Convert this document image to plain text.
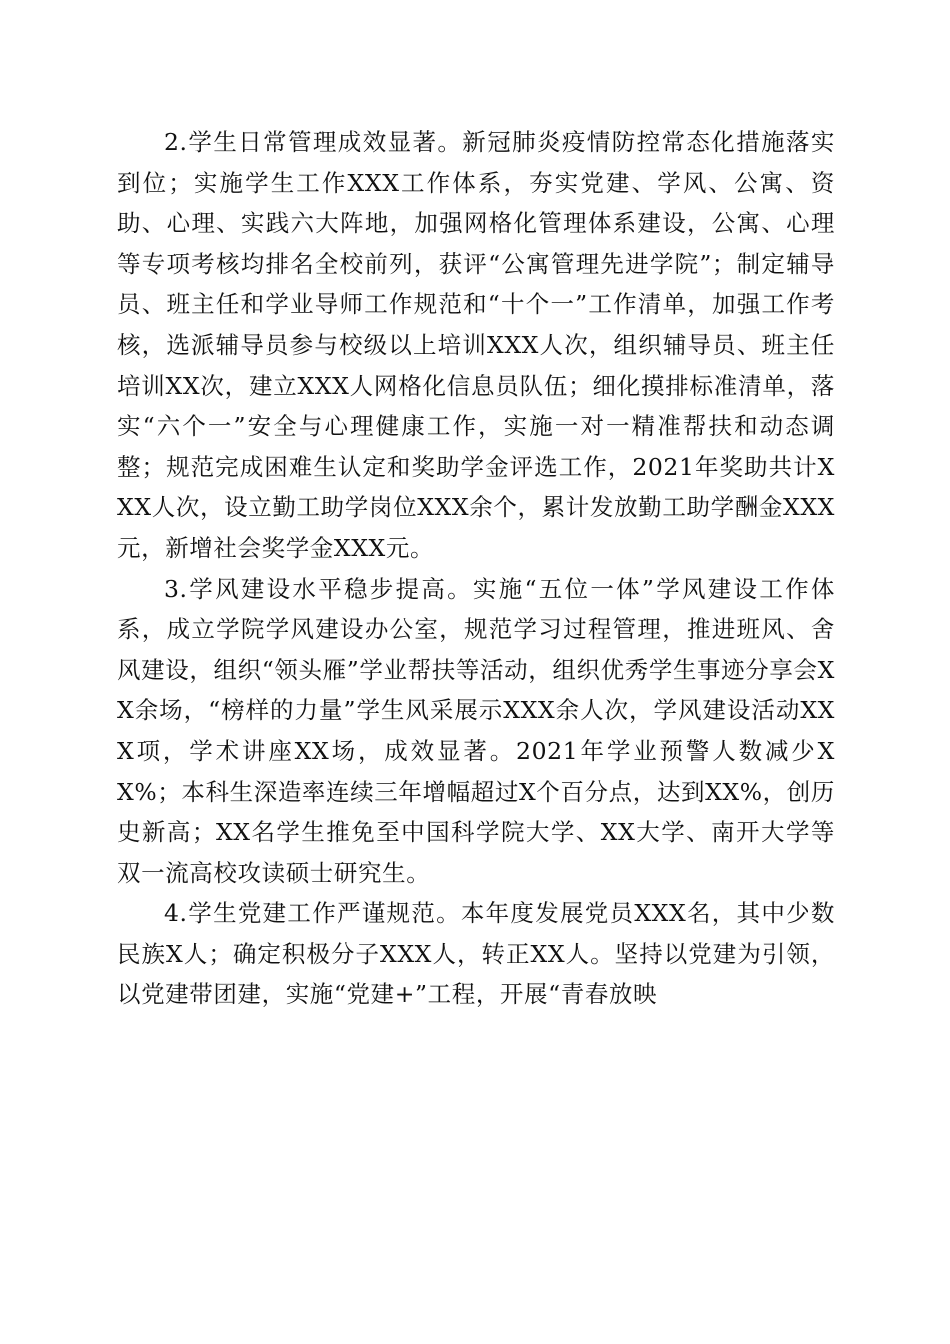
2.学生日常管理成效显著。新冠肺炎疫情防控常态化措施落实到位；实施学生工作XXX工作体系，夯实党建、学风、公寓、资助、心理、实践六大阵地，加强网格化管理体系建设，公寓、心理等专项考核均排名全校前列，获评“公寓管理先进学院”；制定辅导员、班主任和学业导师工作规范和“十个一”工作清单，加强工作考核，选派辅导员参与校级以上培训XXX人次，组织辅导员、班主任培训XX次，建立XXX人网格化信息员队伍；细化摸排标准清单，落实“六个一”安全与心理健康工作，实施一对一精准帮扶和动态调整；规范完成困难生认定和奖助学金评选工作，2021年奖助共计XXX人次，设立勤工助学岗位XXX余个，累计发放勤工助学酬金XXX元，新增社会奖学金XXX元。

3.学风建设水平稳步提高。实施“五位一体”学风建设工作体系，成立学院学风建设办公室，规范学习过程管理，推进班风、舍风建设，组织“领头雁”学业帮扶等活动，组织优秀学生事迹分享会XX余场，“榜样的力量”学生风采展示XXX余人次，学风建设活动XXX项，学术讲座XX场，成效显著。2021年学业预警人数减少XX%；本科生深造率连续三年增幅超过X个百分点，达到XX%，创历史新高；XX名学生推免至中国科学院大学、XX大学、南开大学等双一流高校攻读硕士研究生。

4.学生党建工作严谨规范。本年度发展党员XXX名，其中少数民族X人；确定积极分子XXX人，转正XX人。坚持以党建为引领，以党建带团建，实施“党建+”工程，开展“青春放映
